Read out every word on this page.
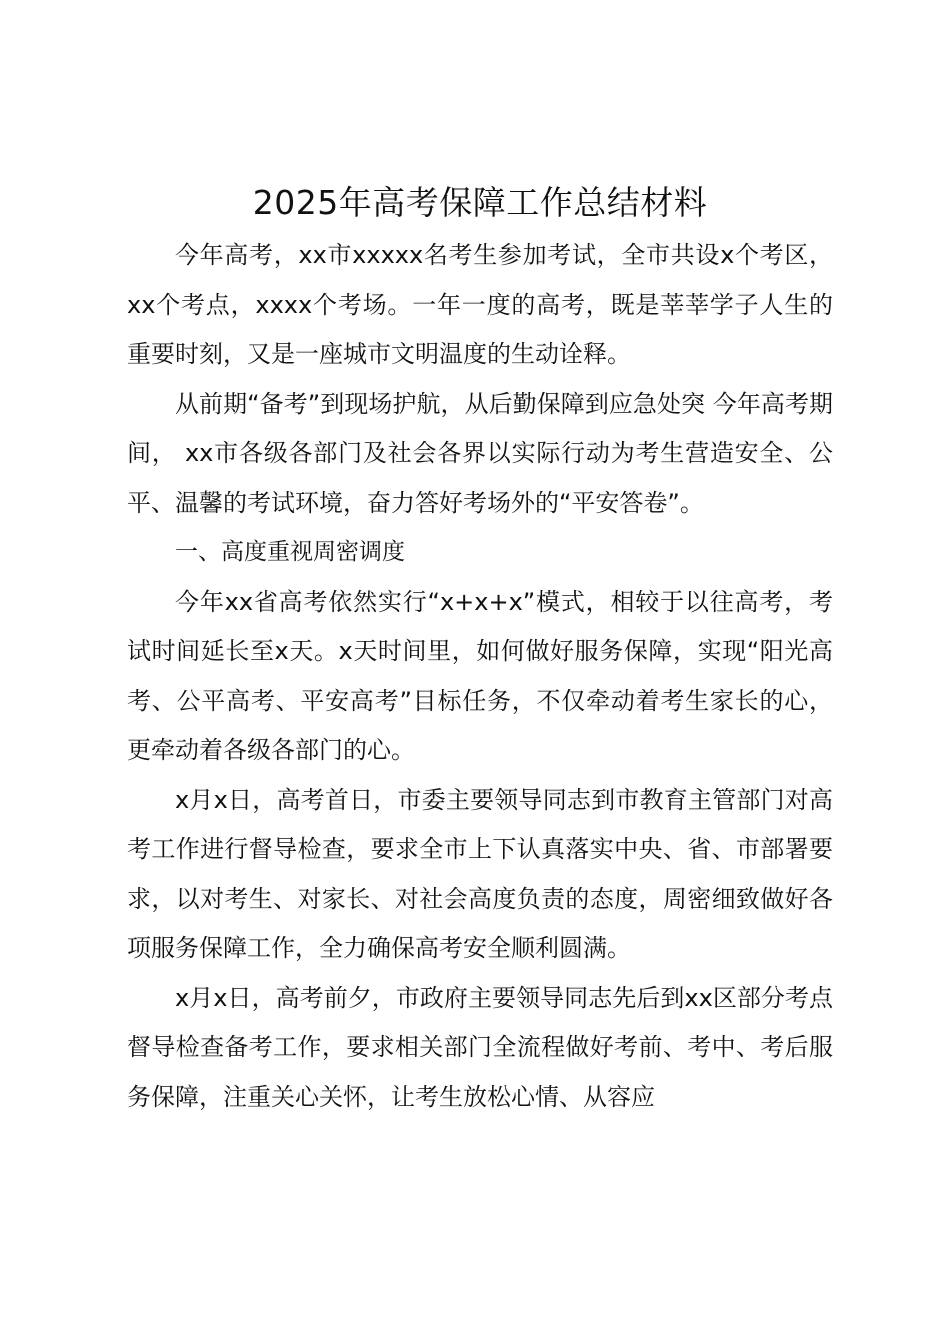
2025年高考保障工作总结材料

今年高考，xx市xxxxx名考生参加考试，全市共设x个考区，xx个考点，xxxx个考场。一年一度的高考，既是莘莘学子人生的重要时刻，又是一座城市文明温度的生动诠释。

从前期“备考”到现场护航，从后勤保障到应急处突 今年高考期间， xx市各级各部门及社会各界以实际行动为考生营造安全、公平、温馨的考试环境，奋力答好考场外的“平安答卷”。

一、高度重视周密调度

今年xx省高考依然实行“x+x+x”模式，相较于以往高考，考试时间延长至x天。x天时间里，如何做好服务保障，实现“阳光高考、公平高考、平安高考”目标任务，不仅牵动着考生家长的心，更牵动着各级各部门的心。

x月x日，高考首日，市委主要领导同志到市教育主管部门对高考工作进行督导检查，要求全市上下认真落实中央、省、市部署要求，以对考生、对家长、对社会高度负责的态度，周密细致做好各项服务保障工作，全力确保高考安全顺利圆满。

x月x日，高考前夕，市政府主要领导同志先后到xx区部分考点督导检查备考工作，要求相关部门全流程做好考前、考中、考后服务保障，注重关心关怀，让考生放松心情、从容应
